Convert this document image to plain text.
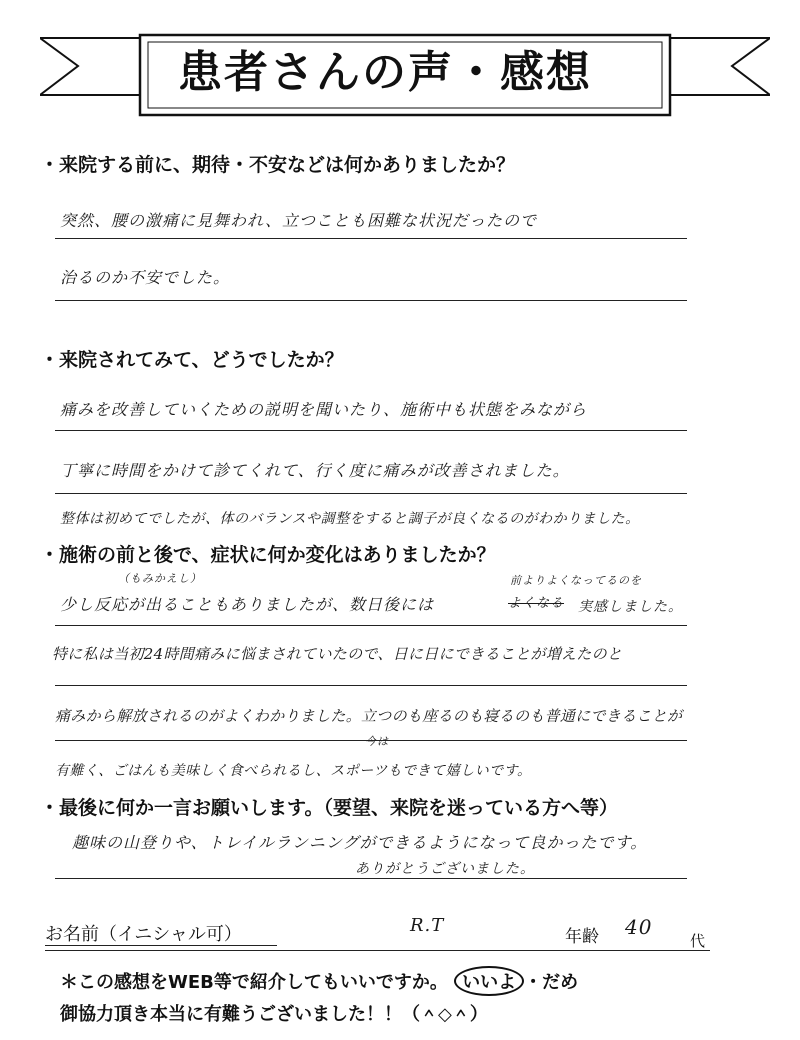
患者さんの声・感想
・来院する前に、期待・不安などは何かありましたか？
突然、腰の激痛に見舞われ、立つことも困難な状況だったので
治るのか不安でした。
・来院されてみて、どうでしたか？
痛みを改善していくための説明を聞いたり、施術中も状態をみながら
丁寧に時間をかけて診てくれて、行く度に痛みが改善されました。
整体は初めてでしたが、体のバランスや調整をすると調子が良くなるのがわかりました。
・施術の前と後で、症状に何か変化はありましたか？
（もみかえし）	前よりよくなってるのを
少し反応が出ることもありましたが、数日後には	よくなる 実感しました。
特に私は当初24時間痛みに悩まされていたので、日に日にできることが増えたのと
痛みから解放されるのがよくわかりました。立つのも座るのも寝るのも普通にできることが
今は
有難く、ごはんも美味しく食べられるし、スポーツもできて嬉しいです。
・最後に何か一言お願いします。（要望、来院を迷っている方へ等）
趣味の山登りや、トレイルランニングができるようになって良かったです。
ありがとうございました。
お名前（イニシャル可）	R.T
年齢 40
代
＊この感想をWEB等で紹介してもいいですか。 いいよ ・だめ
御協力頂き本当に有難うございました！！（＾◇＾）
